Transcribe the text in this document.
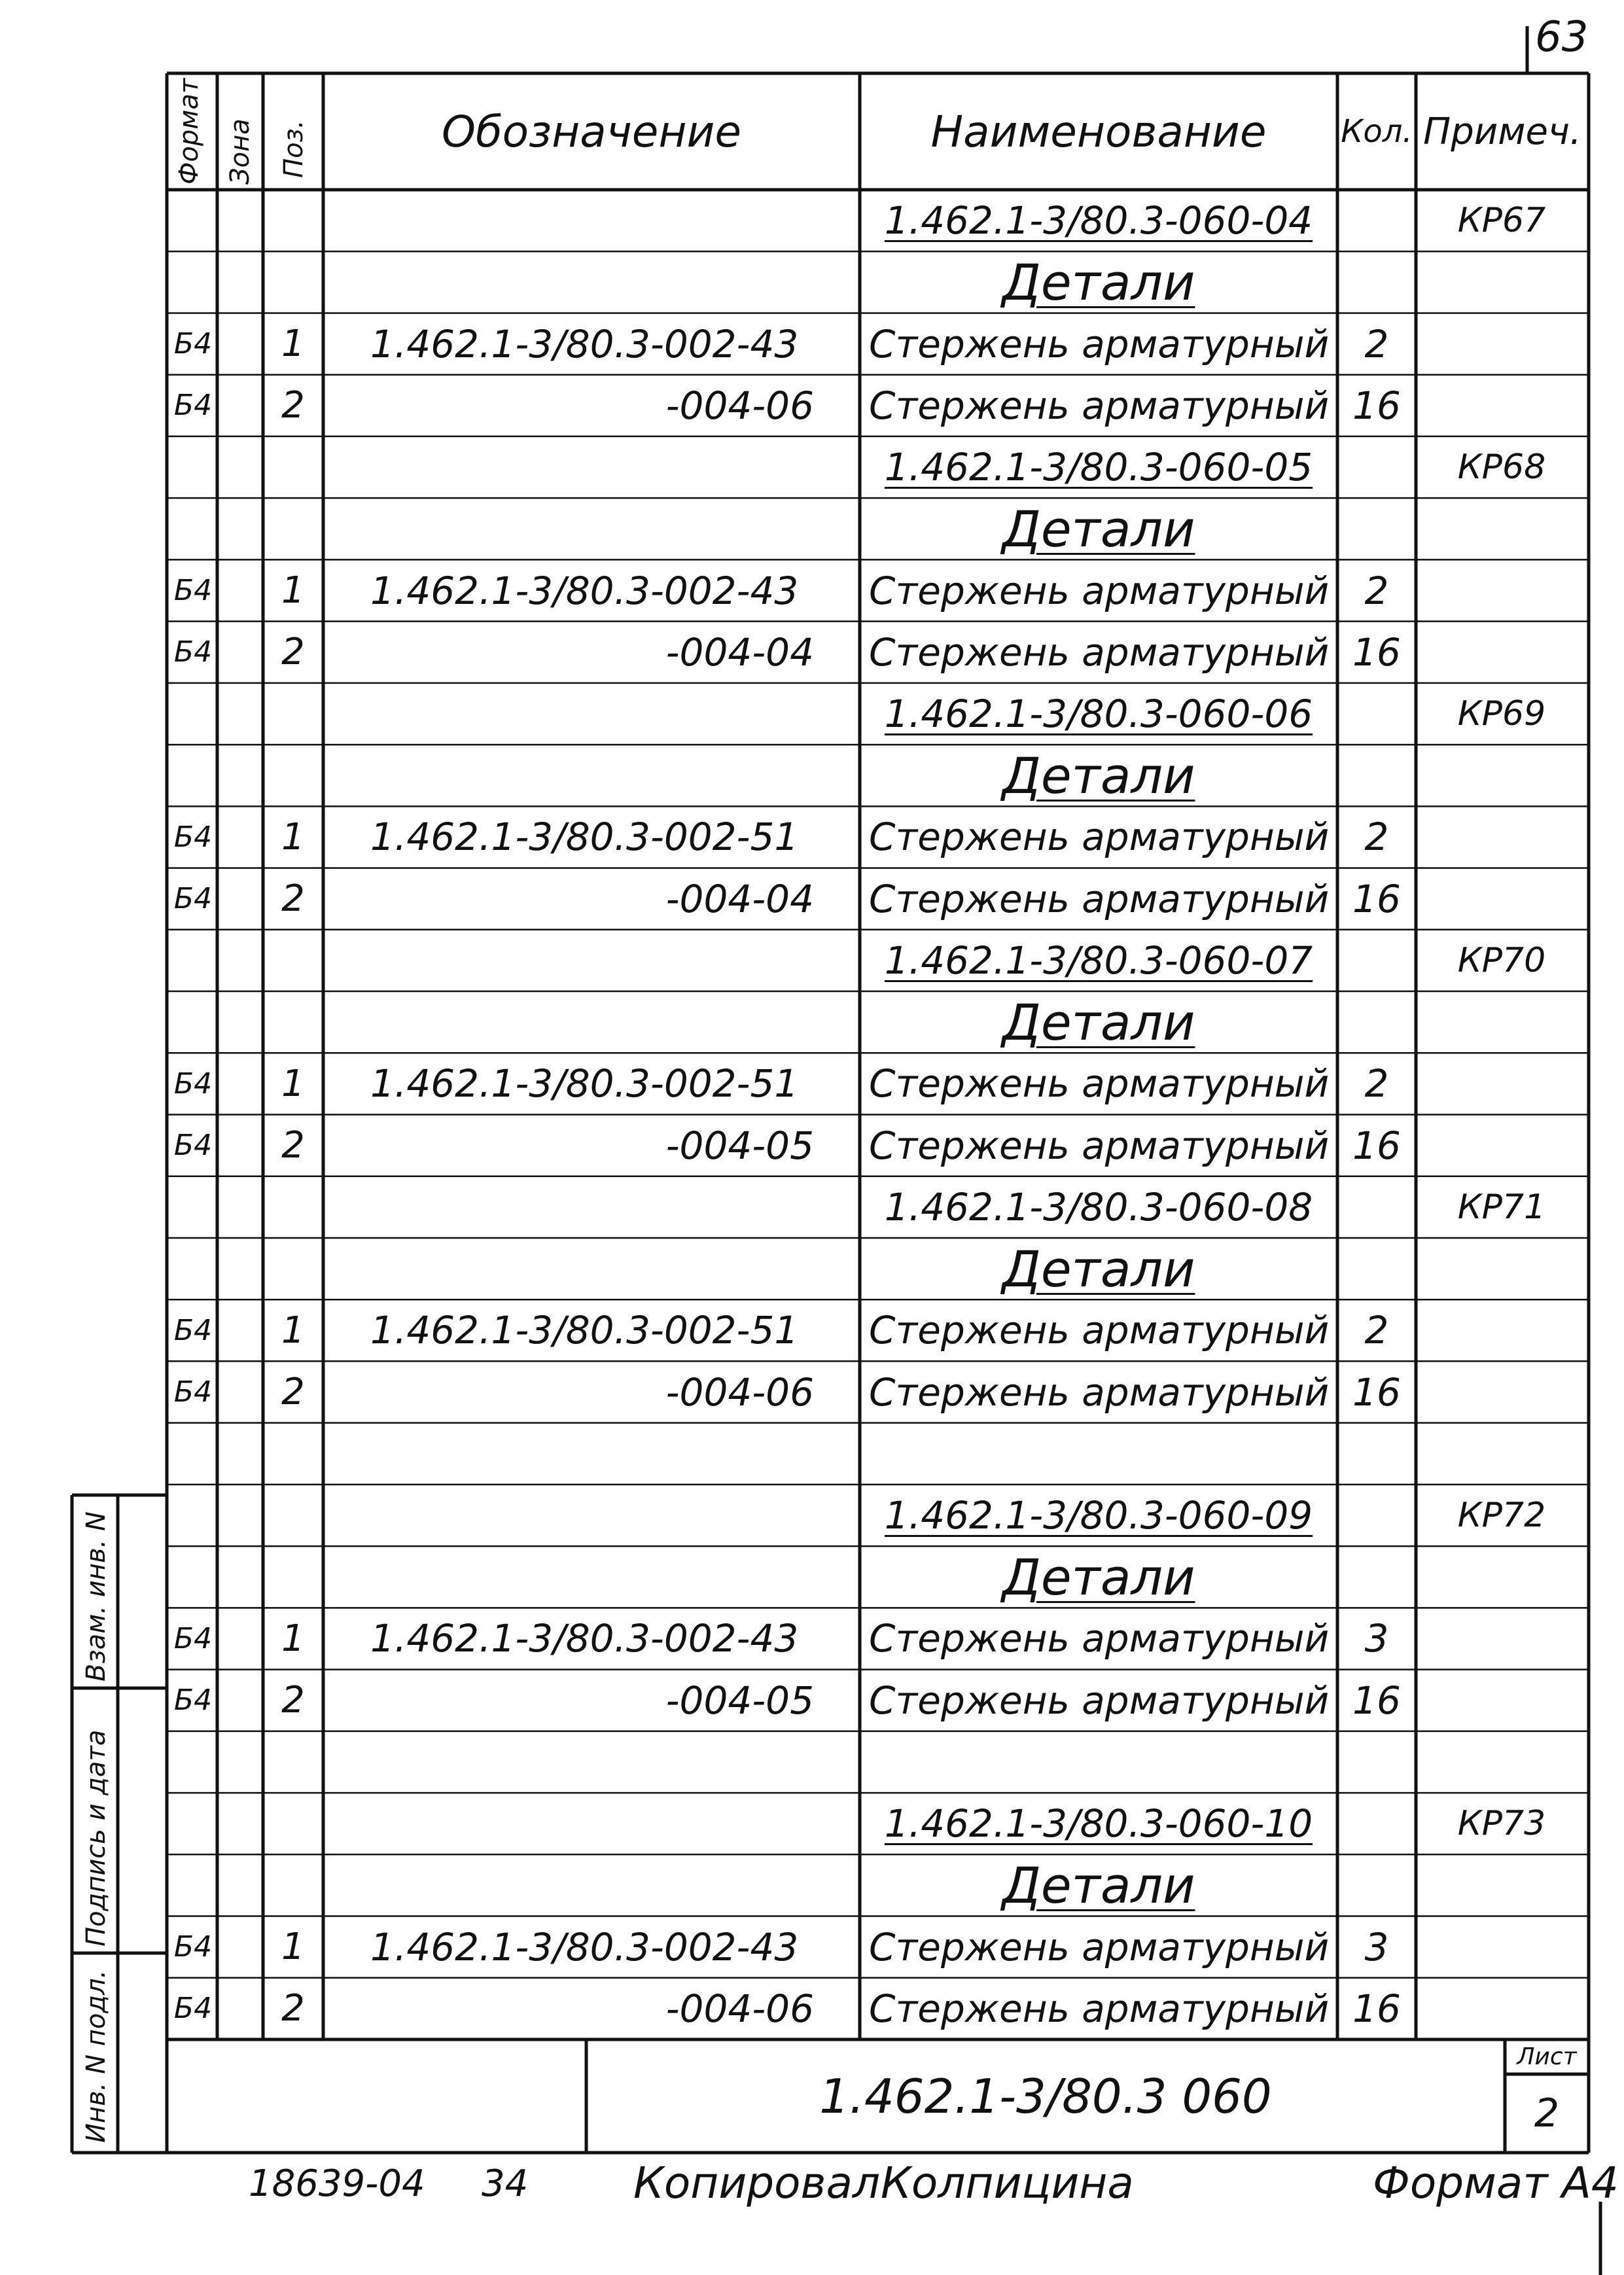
63
Формат Зона Поз.	Обозначение	Наименование	Кол. Примеч.
1.462.1-3/80.3-060-04	КР67
Детали
Б4	1	1.462.1-3/80.3-002-43	Стержень арматурный 2
Б4	2	-004-06	Стержень арматурный 16
1.462.1-3/80.3-060-05	КР68
Детали
Б4	1	1.462.1-3/80.3-002-43	Стержень арматурный 2
Б4	2	-004-04	Стержень арматурный 16
1.462.1-3/80.3-060-06	КР69
Детали
Б4	1	1.462.1-3/80.3-002-51	Стержень арматурный 2
Б4	2	-004-04	Стержень арматурный 16
1.462.1-3/80.3-060-07	КР70
Детали
Б4	1	1.462.1-3/80.3-002-51	Стержень арматурный 2
Б4	2	-004-05	Стержень арматурный 16
1.462.1-3/80.3-060-08	КР71
Детали
Б4	1	1.462.1-3/80.3-002-51	Стержень арматурный 2
Б4	2	-004-06	Стержень арматурный 16
1.462.1-3/80.3-060-09	КР72
Детали
Б4	1	1.462.1-3/80.3-002-43	Стержень арматурный 3
Б4	2	-004-05	Стержень арматурный 16
1.462.1-3/80.3-060-10	КР73
Детали
Б4	1	1.462.1-3/80.3-002-43	Стержень арматурный 3
Б4	2	-004-06	Стержень арматурный 16
1.462.1-3/80.3 060
Лист
2
Инв. N подл.
Подпись и дата
Взам. инв. N
18639-04 34 Копировал Колпицина	Формат А4
